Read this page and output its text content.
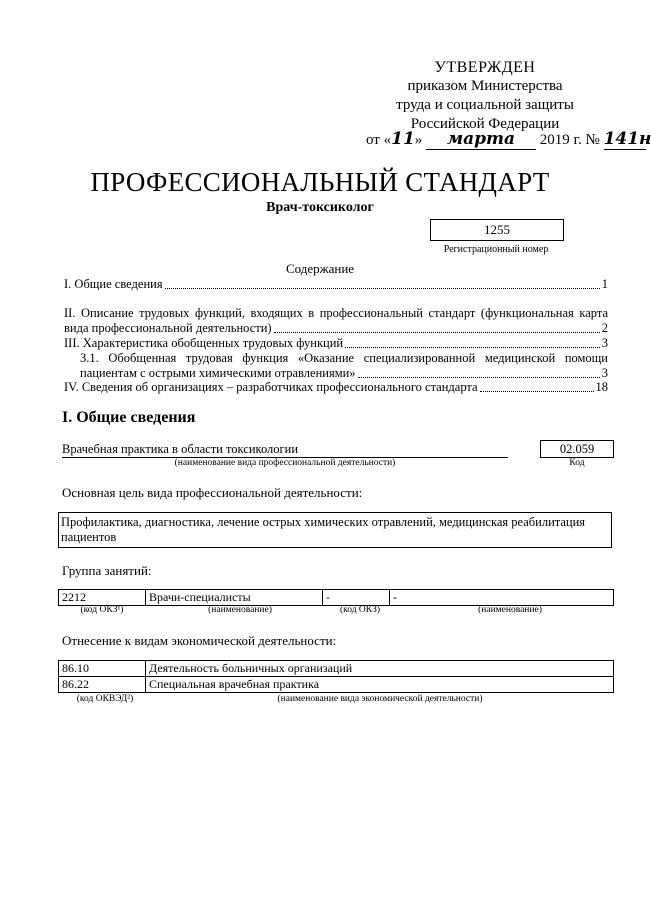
УТВЕРЖДЕН
приказом Министерства
труда и социальной защиты
Российской Федерации
от «11» марта 2019 г. № 141н
ПРОФЕССИОНАЛЬНЫЙ СТАНДАРТ
Врач-токсиколог
1255
Регистрационный номер
Содержание
I. Общие сведения	1
II. Описание трудовых функций, входящих в профессиональный стандарт (функциональная карта
вида профессиональной деятельности)	2
III. Характеристика обобщенных трудовых функций	3
3.1. Обобщенная трудовая функция «Оказание специализированной медицинской помощи
пациентам с острыми химическими отравлениями»	3
IV. Сведения об организациях – разработчиках профессионального стандарта	18
I. Общие сведения
Врачебная практика в области токсикологии
(наименование вида профессиональной деятельности)
02.059
Код
Основная цель вида профессиональной деятельности:
Профилактика, диагностика, лечение острых химических отравлений, медицинская реабилитация пациентов
Группа занятий:
2212	Врачи-специалисты	-	-
(код ОКЗ¹)	(наименование)	(код ОКЗ)	(наименование)
Отнесение к видам экономической деятельности:
86.10	Деятельность больничных организаций
86.22	Специальная врачебная практика
(код ОКВЭД²)	(наименование вида экономической деятельности)
